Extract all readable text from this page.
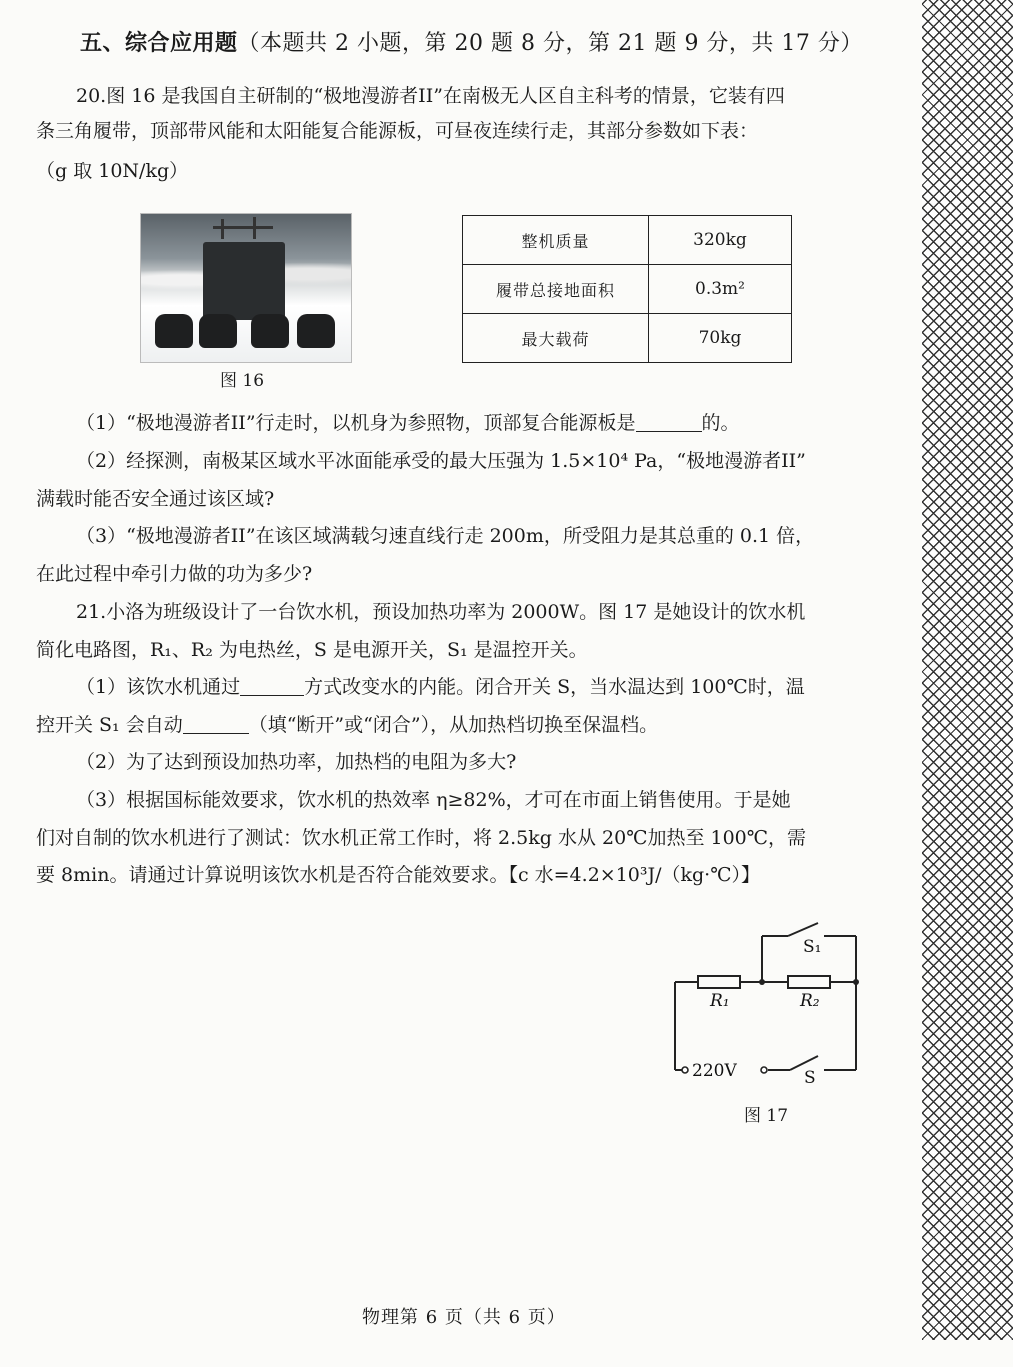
五、综合应用题（本题共 2 小题，第 20 题 8 分，第 21 题 9 分，共 17 分）
20.图 16 是我国自主研制的“极地漫游者II”在南极无人区自主科考的情景，它装有四
条三角履带，顶部带风能和太阳能复合能源板，可昼夜连续行走，其部分参数如下表：
（g 取 10N/kg）
图 16
整机质量	320kg
履带总接地面积	0.3m²
最大载荷	70kg
（1）“极地漫游者II”行走时，以机身为参照物，顶部复合能源板是	的。
（2）经探测，南极某区域水平冰面能承受的最大压强为 1.5×10⁴ Pa，“极地漫游者II”
满载时能否安全通过该区域?
（3）“极地漫游者II”在该区域满载匀速直线行走 200m，所受阻力是其总重的 0.1 倍，
在此过程中牵引力做的功为多少?
21.小洛为班级设计了一台饮水机，预设加热功率为 2000W。图 17 是她设计的饮水机
简化电路图，R₁、R₂ 为电热丝，S 是电源开关，S₁ 是温控开关。
（1）该饮水机通过	方式改变水的内能。闭合开关 S，当水温达到 100℃时，温
控开关 S₁ 会自动	（填“断开”或“闭合”），从加热档切换至保温档。
（2）为了达到预设加热功率，加热档的电阻为多大?
（3）根据国标能效要求，饮水机的热效率 η≥82%，才可在市面上销售使用。于是她
们对自制的饮水机进行了测试：饮水机正常工作时，将 2.5kg 水从 20℃加热至 100℃，需
要 8min。请通过计算说明该饮水机是否符合能效要求。【c 水=4.2×10³J/（kg·℃）】
R₁	R₂
S₁
S
220V
图 17
物理第 6 页（共 6 页）
